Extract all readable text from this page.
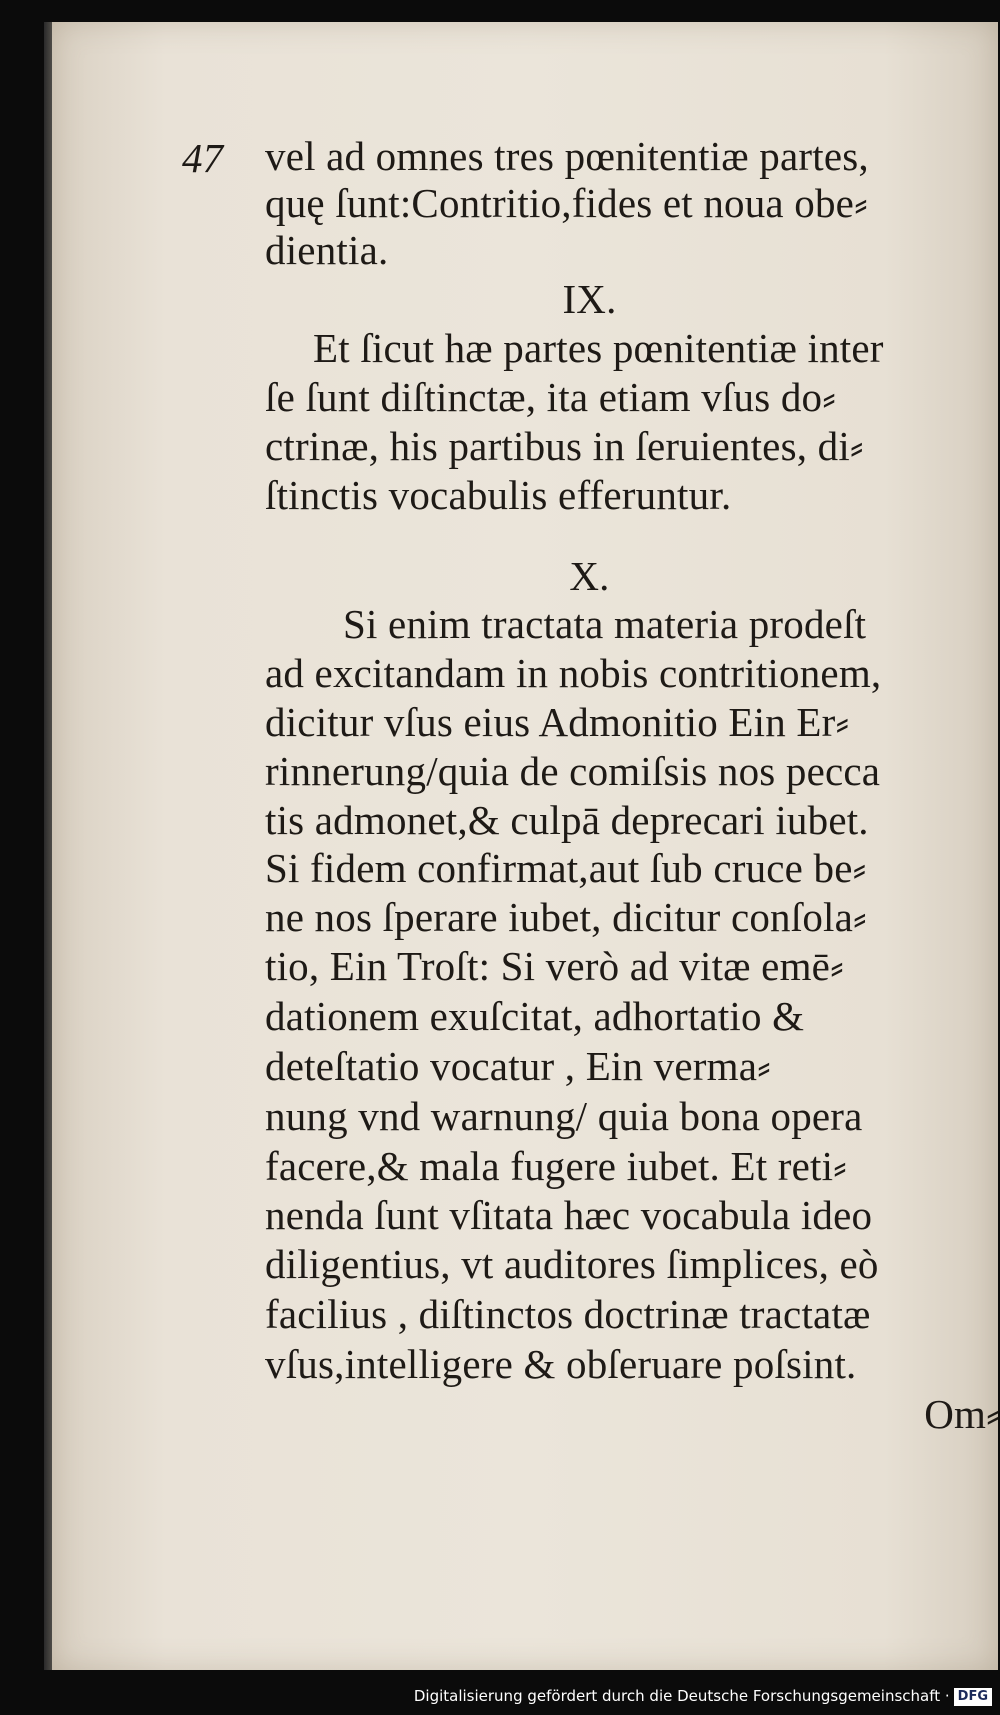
47 vel ad omnes tres pœnitentiæ partes,
quę ſunt:Contritio,fides et noua obe⸗
dientia.
IX.
Et ſicut hæ partes pœnitentiæ inter
ſe ſunt diſtinctæ, ita etiam vſus do⸗
ctrinæ, his partibus in ſeruientes, di⸗
ſtinctis vocabulis efferuntur.
X.
Si enim tractata materia prodeſt
ad excitandam in nobis contritionem,
dicitur vſus eius Admonitio Ein Er⸗
rinnerung/quia de comiſsis nos pecca
tis admonet,& culpā deprecari iubet.
Si fidem confirmat,aut ſub cruce be⸗
ne nos ſperare iubet, dicitur conſola⸗
tio, Ein Troſt: Si verò ad vitæ emē⸗
dationem exuſcitat, adhortatio &
deteſtatio vocatur , Ein verma⸗
nung vnd warnung/ quia bona opera
facere,& mala fugere iubet. Et reti⸗
nenda ſunt vſitata hæc vocabula ideo
diligentius, vt auditores ſimplices, eò
facilius , diſtinctos doctrinæ tractatæ
vſus,intelligere & obſeruare poſsint.
Om⸗
Digitalisierung gefördert durch die Deutsche Forschungsgemeinschaft · DFG
